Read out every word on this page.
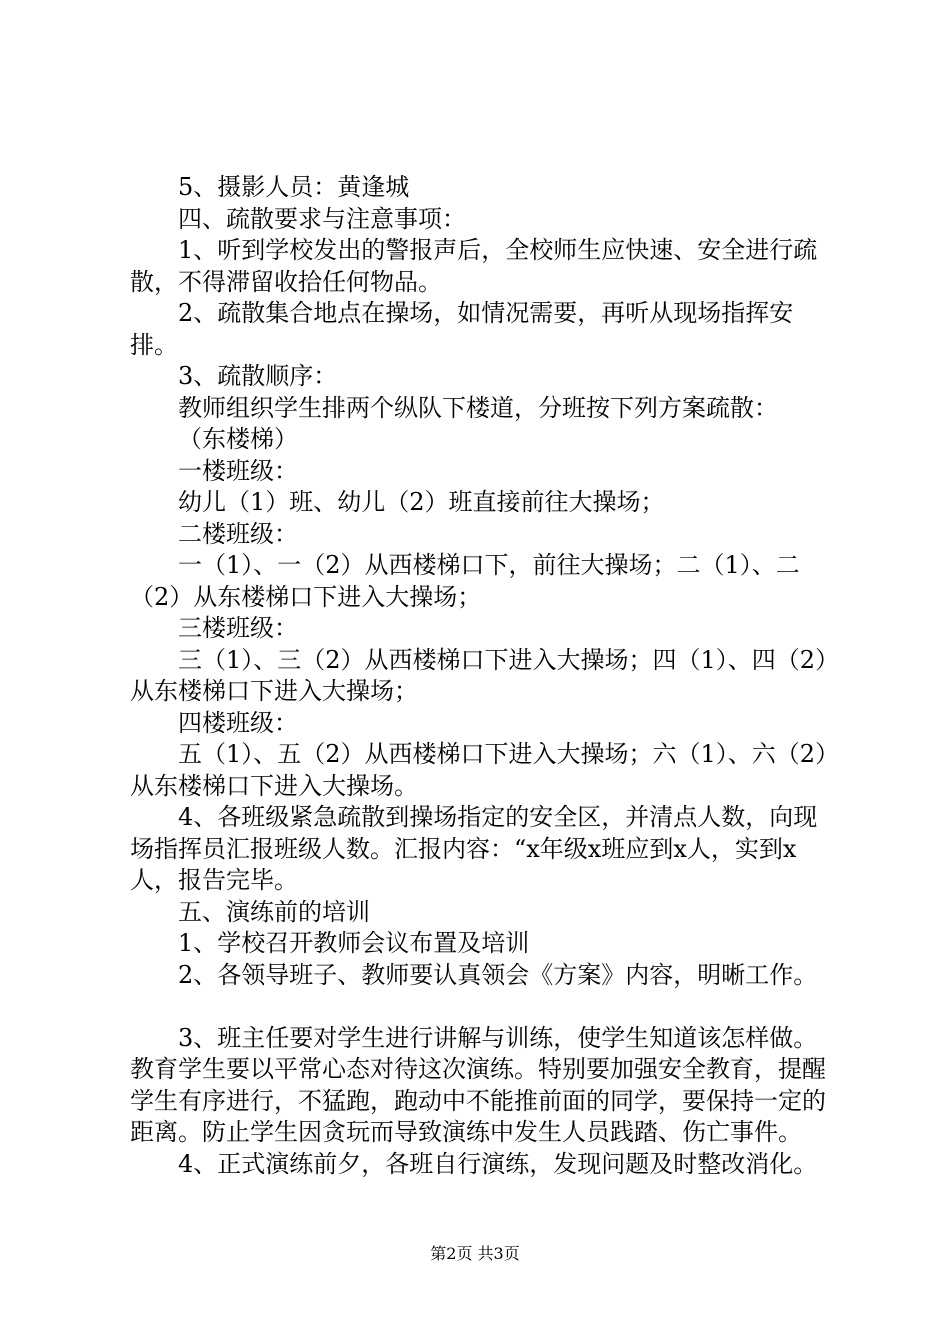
5、摄影人员：黄逢城

四、疏散要求与注意事项：

1、听到学校发出的警报声后，全校师生应快速、安全进行疏散，不得滞留收拾任何物品。

2、疏散集合地点在操场，如情况需要，再听从现场指挥安排。

3、疏散顺序：

教师组织学生排两个纵队下楼道，分班按下列方案疏散：

（东楼梯）

一楼班级：

幼儿（1）班、幼儿（2）班直接前往大操场；

二楼班级：

一（1）、一（2）从西楼梯口下，前往大操场；二（1）、二（2）从东楼梯口下进入大操场；

三楼班级：

三（1）、三（2）从西楼梯口下进入大操场；四（1）、四（2）从东楼梯口下进入大操场；

四楼班级：

五（1）、五（2）从西楼梯口下进入大操场；六（1）、六（2）从东楼梯口下进入大操场。

4、各班级紧急疏散到操场指定的安全区，并清点人数，向现场指挥员汇报班级人数。汇报内容：“x年级x班应到x人，实到x人，报告完毕。

五、演练前的培训

1、学校召开教师会议布置及培训

2、各领导班子、教师要认真领会《方案》内容，明晰工作。

3、班主任要对学生进行讲解与训练，使学生知道该怎样做。教育学生要以平常心态对待这次演练。特别要加强安全教育，提醒学生有序进行，不猛跑，跑动中不能推前面的同学，要保持一定的距离。防止学生因贪玩而导致演练中发生人员践踏、伤亡事件。

4、正式演练前夕，各班自行演练，发现问题及时整改消化。

第2页 共3页
